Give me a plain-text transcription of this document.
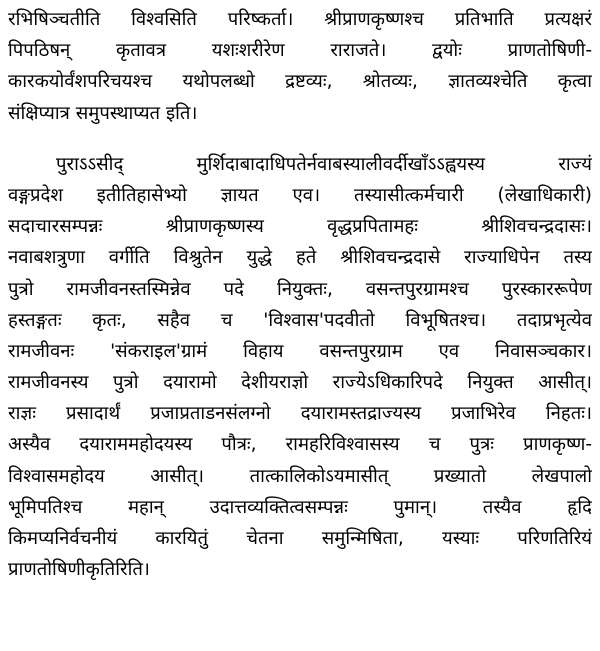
रभिषिञ्चतीति विश्वसिति परिष्कर्ता। श्रीप्राणकृष्णश्च प्रतिभाति प्रत्यक्षरं
पिपठिषन् कृतावत्र यशःशरीरेण राराजते। द्वयोः प्राणतोषिणी-
कारकयोर्वंशपरिचयश्च यथोपलब्धो द्रष्टव्यः, श्रोतव्यः, ज्ञातव्यश्चेति कृत्वा
संक्षिप्यात्र समुपस्थाप्यत इति।
पुराऽऽसीद् मुर्शिदाबादाधिपतेर्नवाबस्यालीवर्दीखाँऽऽह्वयस्य राज्यं
वङ्गप्रदेश इतीतिहासेभ्यो ज्ञायत एव। तस्यासीत्कर्मचारी (लेखाधिकारी)
सदाचारसम्पन्नः श्रीप्राणकृष्णस्य वृद्धप्रपितामहः श्रीशिवचन्द्रदासः।
नवाबशत्रुणा वर्गीति विश्रुतेन युद्धे हते श्रीशिवचन्द्रदासे राज्याधिपेन तस्य
पुत्रो रामजीवनस्तस्मिन्नेव पदे नियुक्तः, वसन्तपुरग्रामश्च पुरस्काररूपेण
हस्तङ्गतः कृतः, सहैव च 'विश्वास'पदवीतो विभूषितश्च। तदाप्रभृत्येव
रामजीवनः 'संकराइल'ग्रामं विहाय वसन्तपुरग्राम एव निवासञ्चकार।
रामजीवनस्य पुत्रो दयारामो देशीयराज्ञो राज्येऽधिकारिपदे नियुक्त आसीत्।
राज्ञः प्रसादार्थं प्रजाप्रताडनसंलग्नो दयारामस्तद्राज्यस्य प्रजाभिरेव निहतः।
अस्यैव दयाराममहोदयस्य पौत्रः, रामहरिविश्वासस्य च पुत्रः प्राणकृष्ण-
विश्वासमहोदय आसीत्। तात्कालिकोऽयमासीत् प्रख्यातो लेखपालो
भूमिपतिश्च महान् उदात्तव्यक्तित्वसम्पन्नः पुमान्। तस्यैव हृदि
किमप्यनिर्वचनीयं कारयितुं चेतना समुन्मिषिता, यस्याः परिणतिरियं
प्राणतोषिणीकृतिरिति।
